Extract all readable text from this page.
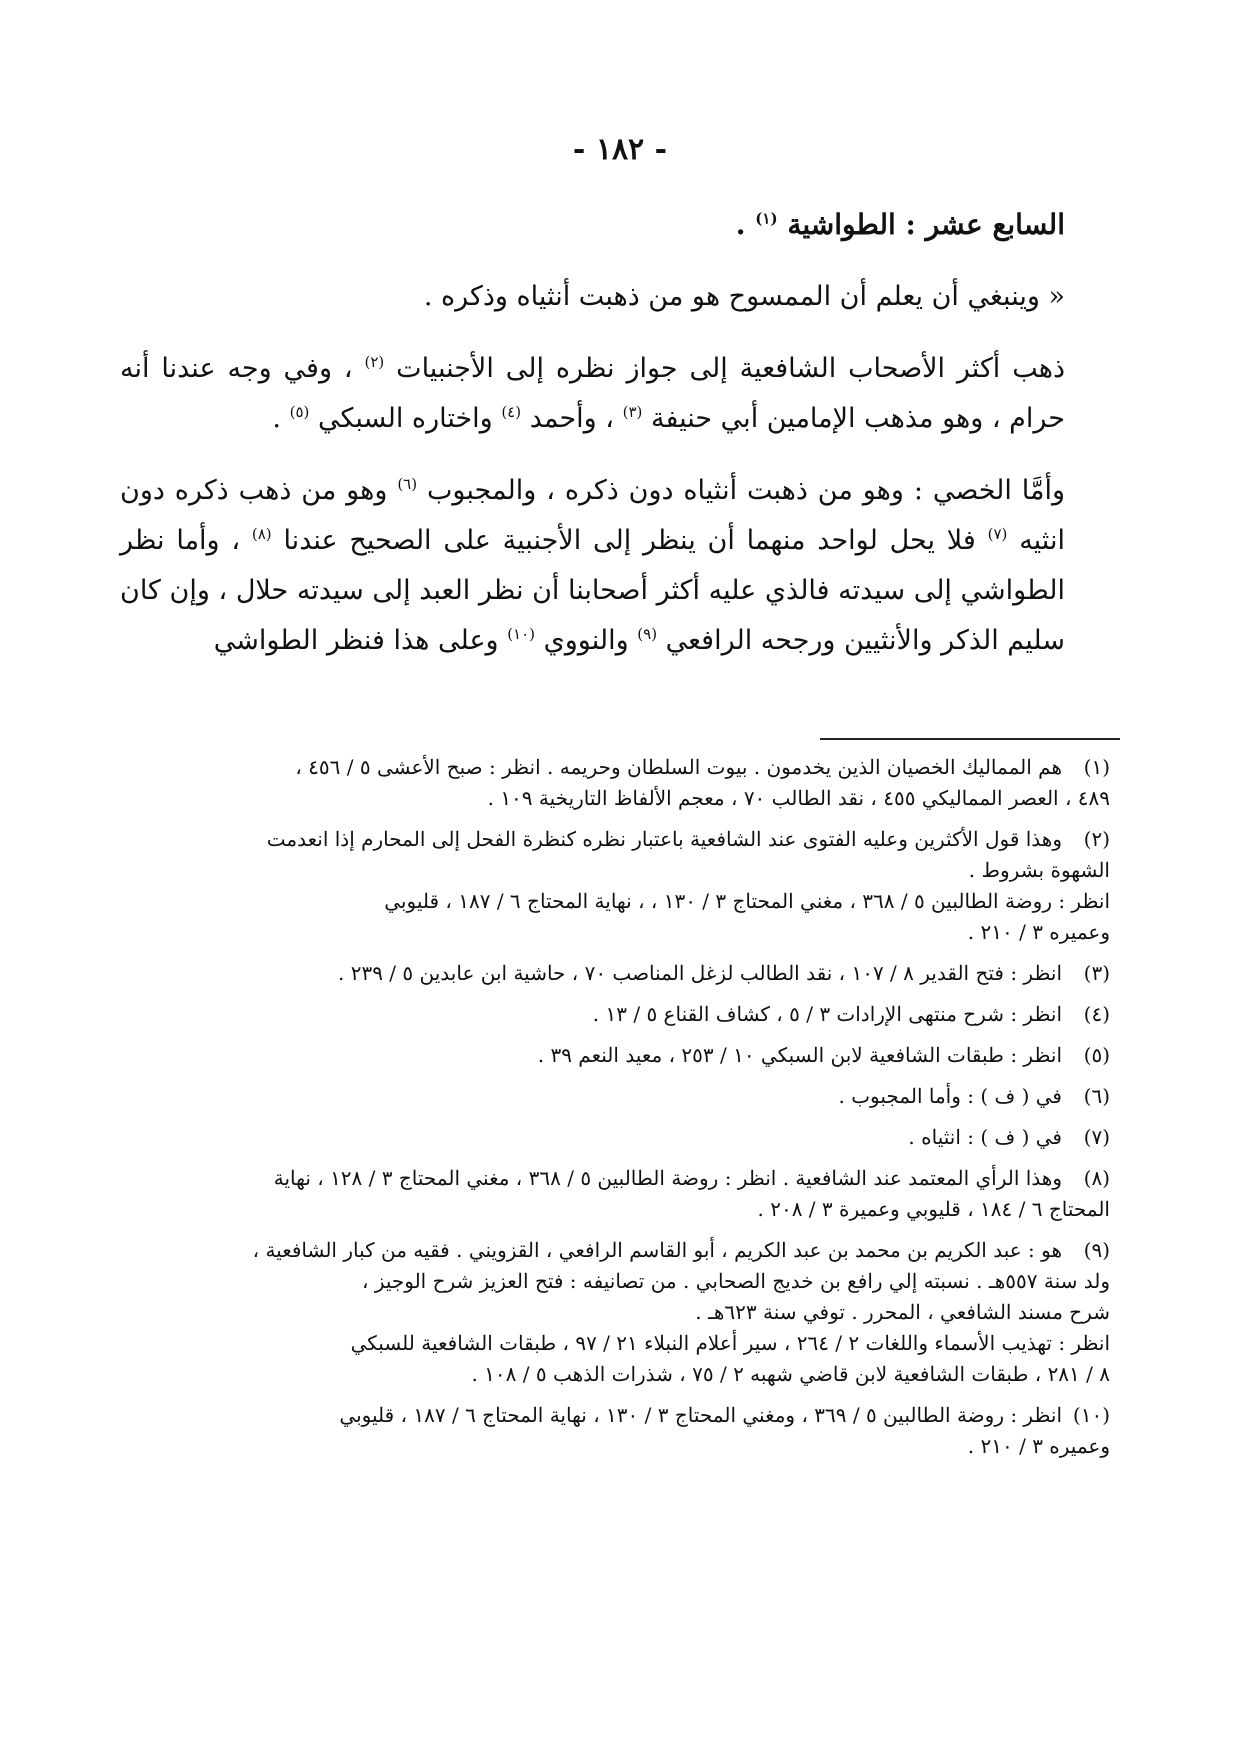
- ١٨٢ -

السابع عشر : الطواشية $^{(١)}$ .

« وينبغي أن يعلم أن الممسوح هو من ذهبت أنثياه وذكره .

ذهب أكثر الأصحاب الشافعية إلى جواز نظره إلى الأجنبيات $^{(٢)}$ ، وفي وجه عندنا أنه حرام ، وهو مذهب الإمامين أبي حنيفة $^{(٣)}$ ، وأحمد $^{(٤)}$ واختاره السبكي $^{(٥)}$ .

وأمَّا الخصي : وهو من ذهبت أنثياه دون ذكره ، والمجبوب $^{(٦)}$ وهو من ذهب ذكره دون انثيه $^{(٧)}$ فلا يحل لواحد منهما أن ينظر إلى الأجنبية على الصحيح عندنا $^{(٨)}$ ، وأما نظر الطواشي إلى سيدته فالذي عليه أكثر أصحابنا أن نظر العبد إلى سيدته حلال ، وإن كان سليم الذكر والأنثيين ورجحه الرافعي $^{(٩)}$ والنووي $^{(١٠)}$ وعلى هذا فنظر الطواشي

(١)هم المماليك الخصيان الذين يخدمون . بيوت السلطان وحريمه . انظر : صبح الأعشى ٥ / ٤٥٦ ،
٤٨٩ ، العصر المماليكي ٤٥٥ ، نقد الطالب ٧٠ ، معجم الألفاظ التاريخية ١٠٩ .
(٢)وهذا قول الأكثرين وعليه الفتوى عند الشافعية باعتبار نظره كنظرة الفحل إلى المحارم إذا انعدمت
الشهوة بشروط .
انظر : روضة الطالبين ٥ / ٣٦٨ ، مغني المحتاج ٣ / ١٣٠ ، ، نهاية المحتاج ٦ / ١٨٧ ، قليوبي
وعميره ٣ / ٢١٠ .
(٣)انظر : فتح القدير ٨ / ١٠٧ ، نقد الطالب لزغل المناصب ٧٠ ، حاشية ابن عابدين ٥ / ٢٣٩ .
(٤)انظر : شرح منتهى الإرادات ٣ / ٥ ، كشاف القناع ٥ / ١٣ .
(٥)انظر : طبقات الشافعية لابن السبكي ١٠ / ٢٥٣ ، معيد النعم ٣٩ .
(٦)في ( ف ) : وأما المجبوب .
(٧)في ( ف ) : انثياه .
(٨)وهذا الرأي المعتمد عند الشافعية . انظر : روضة الطالبين ٥ / ٣٦٨ ، مغني المحتاج ٣ / ١٢٨ ، نهاية
المحتاج ٦ / ١٨٤ ، قليوبي وعميرة ٣ / ٢٠٨ .
(٩)هو : عبد الكريم بن محمد بن عبد الكريم ، أبو القاسم الرافعي ، القزويني . فقيه من كبار الشافعية ،
ولد سنة ٥٥٧هـ . نسبته إلي رافع بن خديج الصحابي . من تصانيفه : فتح العزيز شرح الوجيز ،
شرح مسند الشافعي ، المحرر . توفي سنة ٦٢٣هـ .
انظر : تهذيب الأسماء واللغات ٢ / ٢٦٤ ، سير أعلام النبلاء ٢١ / ٩٧ ، طبقات الشافعية للسبكي
٨ / ٢٨١ ، طبقات الشافعية لابن قاضي شهبه ٢ / ٧٥ ، شذرات الذهب ٥ / ١٠٨ .
(١٠)انظر : روضة الطالبين ٥ / ٣٦٩ ، ومغني المحتاج ٣ / ١٣٠ ، نهاية المحتاج ٦ / ١٨٧ ، قليوبي
وعميره ٣ / ٢١٠ .
